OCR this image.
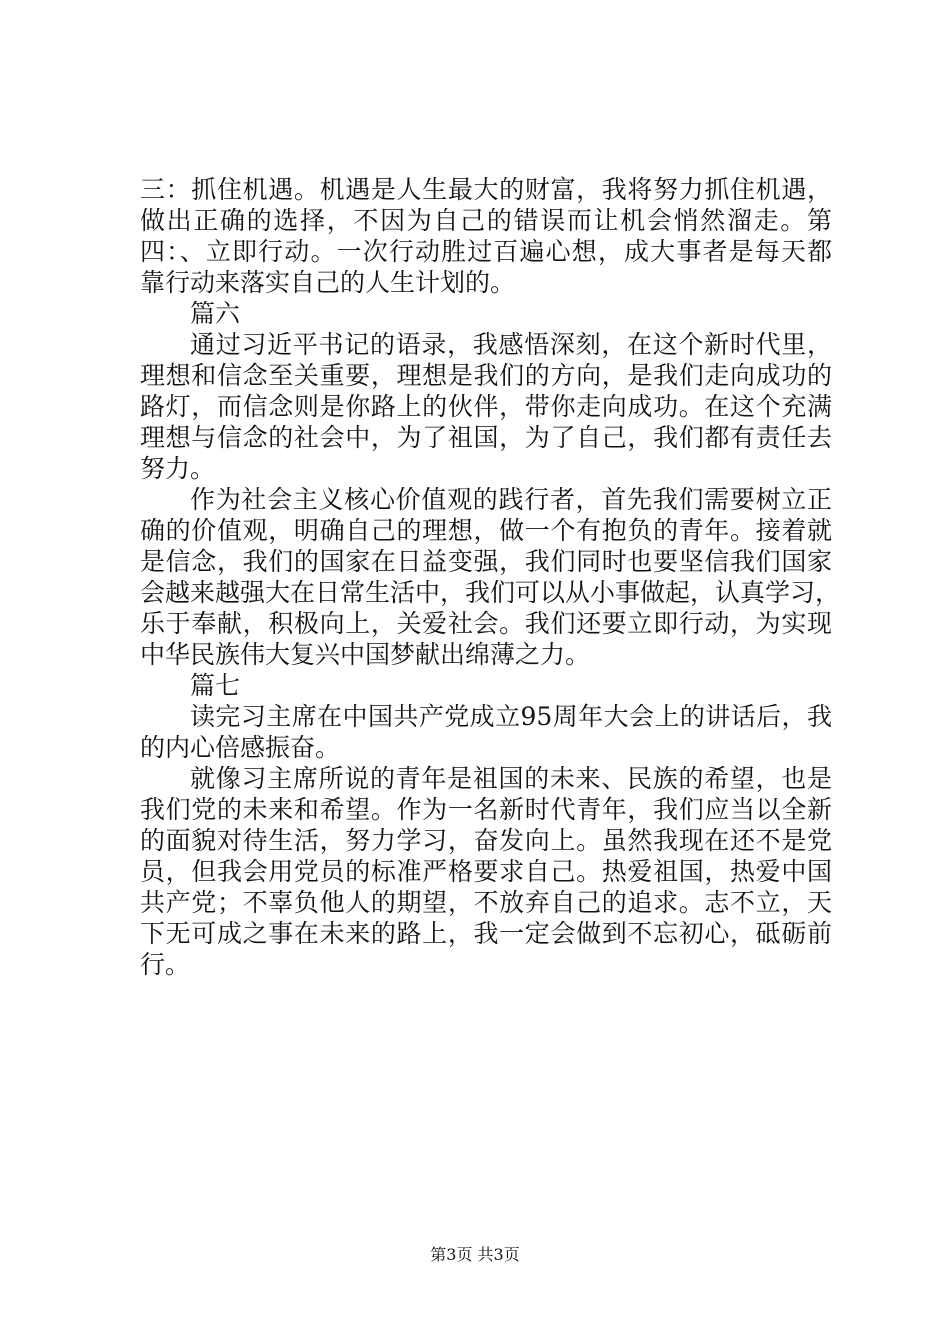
三：抓住机遇。机遇是人生最大的财富，我将努力抓住机遇，
做出正确的选择，不因为自己的错误而让机会悄然溜走。第
四：、立即行动。一次行动胜过百遍心想，成大事者是每天都
靠行动来落实自己的人生计划的。
篇六
通过习近平书记的语录，我感悟深刻，在这个新时代里，
理想和信念至关重要，理想是我们的方向，是我们走向成功的
路灯，而信念则是你路上的伙伴，带你走向成功。在这个充满
理想与信念的社会中，为了祖国，为了自己，我们都有责任去
努力。
作为社会主义核心价值观的践行者，首先我们需要树立正
确的价值观，明确自己的理想，做一个有抱负的青年。接着就
是信念，我们的国家在日益变强，我们同时也要坚信我们国家
会越来越强大在日常生活中，我们可以从小事做起，认真学习，
乐于奉献，积极向上，关爱社会。我们还要立即行动，为实现
中华民族伟大复兴中国梦献出绵薄之力。
篇七
读完习主席在中国共产党成立95周年大会上的讲话后，我
的内心倍感振奋。
就像习主席所说的青年是祖国的未来、民族的希望，也是
我们党的未来和希望。作为一名新时代青年，我们应当以全新
的面貌对待生活，努力学习，奋发向上。虽然我现在还不是党
员，但我会用党员的标准严格要求自己。热爱祖国，热爱中国
共产党；不辜负他人的期望，不放弃自己的追求。志不立，天
下无可成之事在未来的路上，我一定会做到不忘初心，砥砺前
行。
第3页 共3页
